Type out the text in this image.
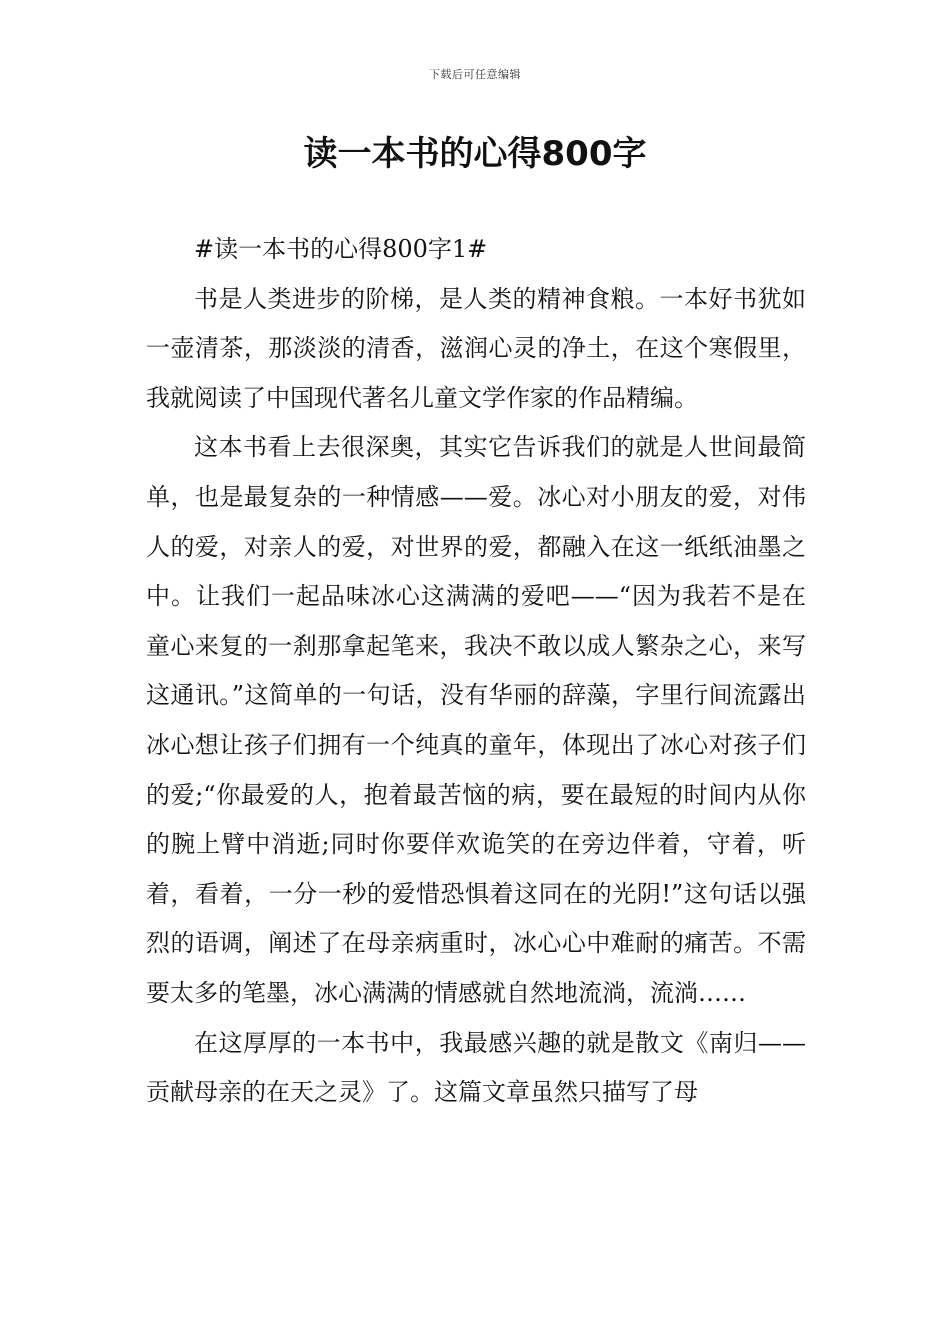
下载后可任意编辑
读一本书的心得800字

#读一本书的心得800字1#

书是人类进步的阶梯，是人类的精神食粮。一本好书犹如一壶清茶，那淡淡的清香，滋润心灵的净土，在这个寒假里，我就阅读了中国现代著名儿童文学作家的作品精编。

这本书看上去很深奥，其实它告诉我们的就是人世间最简单，也是最复杂的一种情感——爱。冰心对小朋友的爱，对伟人的爱，对亲人的爱，对世界的爱，都融入在这一纸纸油墨之中。让我们一起品味冰心这满满的爱吧——“因为我若不是在童心来复的一刹那拿起笔来，我决不敢以成人繁杂之心，来写这通讯。”这简单的一句话，没有华丽的辞藻，字里行间流露出冰心想让孩子们拥有一个纯真的童年，体现出了冰心对孩子们的爱;“你最爱的人，抱着最苦恼的病，要在最短的时间内从你的腕上臂中消逝;同时你要佯欢诡笑的在旁边伴着，守着，听着，看着，一分一秒的爱惜恐惧着这同在的光阴!”这句话以强烈的语调，阐述了在母亲病重时，冰心心中难耐的痛苦。不需要太多的笔墨，冰心满满的情感就自然地流淌，流淌……

在这厚厚的一本书中，我最感兴趣的就是散文《南归——贡献母亲的在天之灵》了。这篇文章虽然只描写了母
